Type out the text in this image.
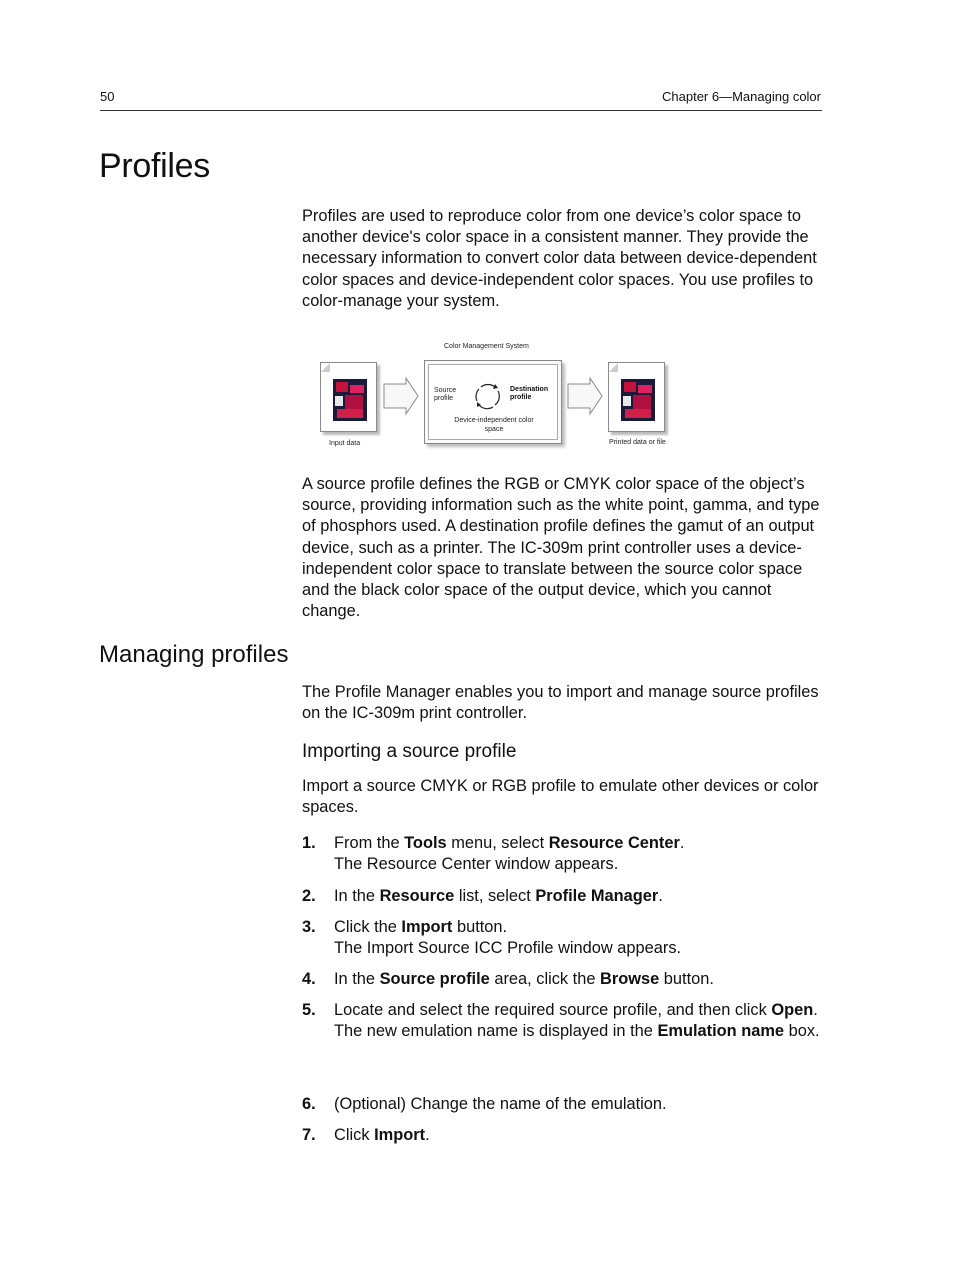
50	Chapter 6—Managing color
Profiles
Profiles are used to reproduce color from one device’s color space to another device's color space in a consistent manner. They provide the necessary information to convert color data between device-dependent color spaces and device-independent color spaces. You use profiles to color-manage your system.
Input data
Color Management System
Source profile
Destination profile
Device-independent color space
Printed data or file
A source profile defines the RGB or CMYK color space of the object’s source, providing information such as the white point, gamma, and type of phosphors used. A destination profile defines the gamut of an output device, such as a printer. The IC-309m print controller uses a device-independent color space to translate between the source color space and the black color space of the output device, which you cannot change.
Managing profiles
The Profile Manager enables you to import and manage source profiles on the IC-309m print controller.
Importing a source profile
Import a source CMYK or RGB profile to emulate other devices or color spaces.
1. From the Tools menu, select Resource Center.
The Resource Center window appears.
2. In the Resource list, select Profile Manager.
3. Click the Import button.
The Import Source ICC Profile window appears.
4. In the Source profile area, click the Browse button.
5. Locate and select the required source profile, and then click Open.
The new emulation name is displayed in the Emulation name box.
6. (Optional) Change the name of the emulation.
7. Click Import.
